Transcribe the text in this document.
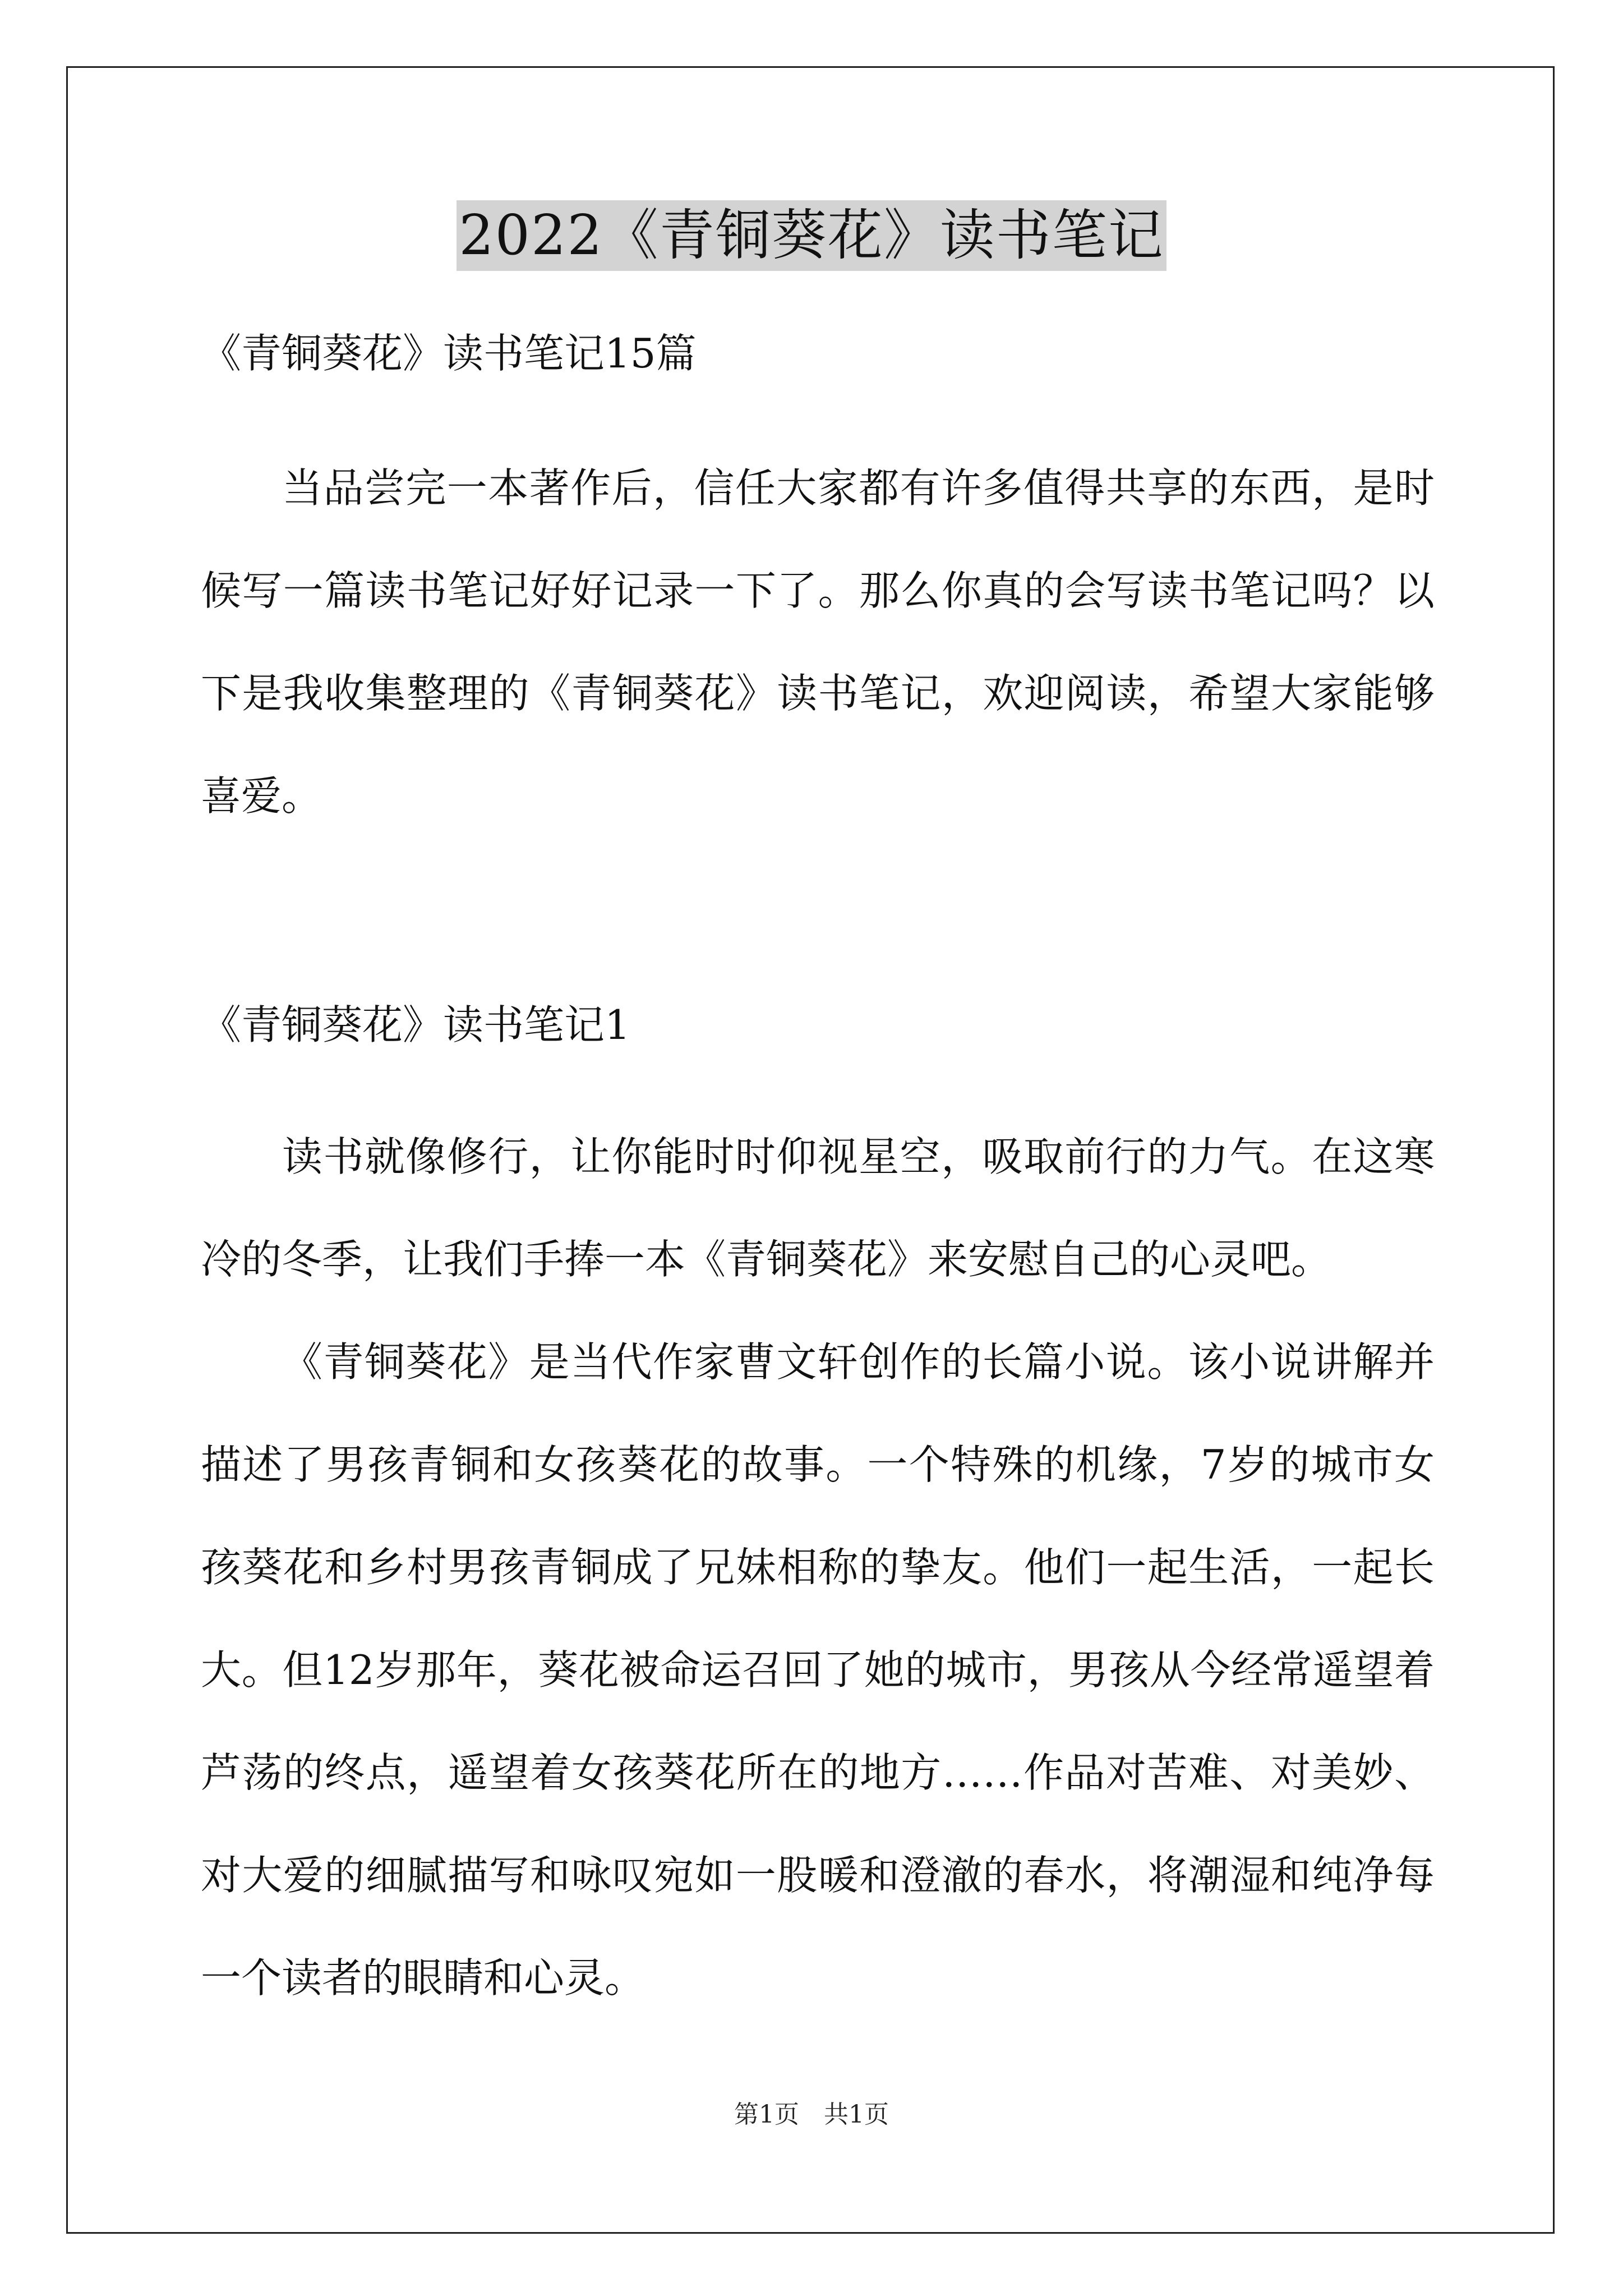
2022《青铜葵花》读书笔记
《青铜葵花》读书笔记15篇
当品尝完一本著作后，信任大家都有许多值得共享的东西，是时
候写一篇读书笔记好好记录一下了。那么你真的会写读书笔记吗？以
下是我收集整理的《青铜葵花》读书笔记，欢迎阅读，希望大家能够
喜爱。
《青铜葵花》读书笔记1
读书就像修行，让你能时时仰视星空，吸取前行的力气。在这寒
冷的冬季，让我们手捧一本《青铜葵花》来安慰自己的心灵吧。
《青铜葵花》是当代作家曹文轩创作的长篇小说。该小说讲解并
描述了男孩青铜和女孩葵花的故事。一个特殊的机缘，7岁的城市女
孩葵花和乡村男孩青铜成了兄妹相称的挚友。他们一起生活，一起长
大。但12岁那年，葵花被命运召回了她的城市，男孩从今经常遥望着
芦荡的终点，遥望着女孩葵花所在的地方……作品对苦难、对美妙、
对大爱的细腻描写和咏叹宛如一股暖和澄澈的春水，将潮湿和纯净每
一个读者的眼睛和心灵。
第1页　共1页
